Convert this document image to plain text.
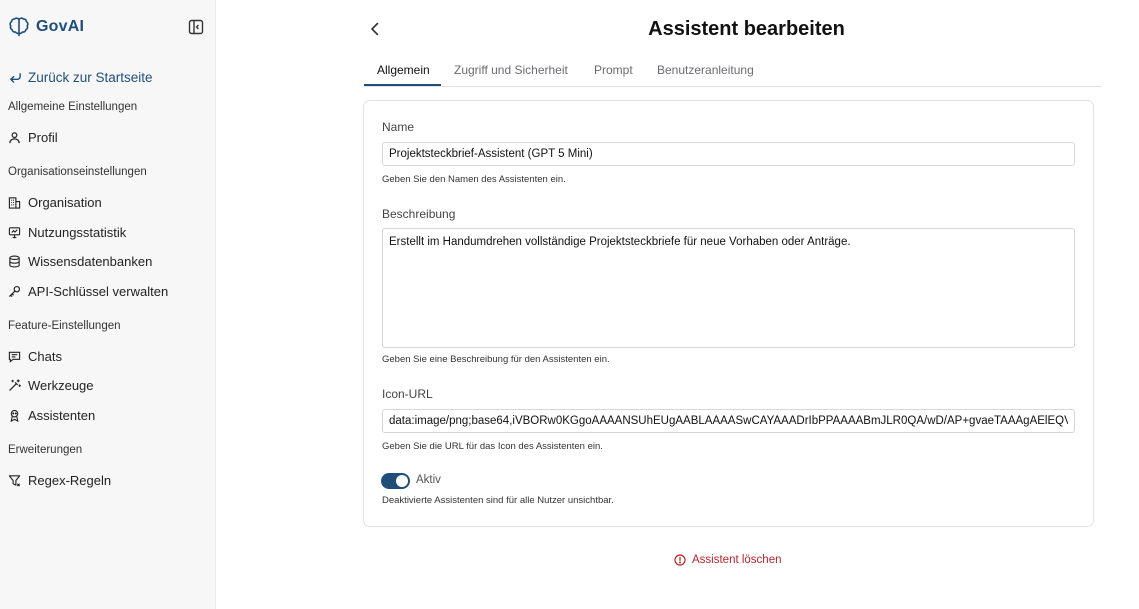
GovAI
Zurück zur Startseite
Allgemeine Einstellungen
Profil
Organisationseinstellungen
Organisation
Nutzungsstatistik
Wissensdatenbanken
API-Schlüssel verwalten
Feature-Einstellungen
Chats
Werkzeuge
Assistenten
Erweiterungen
Regex-Regeln
Assistent bearbeiten
Allgemein Zugriff und Sicherheit Prompt Benutzeranleitung
Name
Projektsteckbrief-Assistent (GPT 5 Mini)
Geben Sie den Namen des Assistenten ein.
Beschreibung
Erstellt im Handumdrehen vollständige Projektsteckbriefe für neue Vorhaben oder Anträge.
Geben Sie eine Beschreibung für den Assistenten ein.
Icon-URL
data:image/png;base64,iVBORw0KGgoAAAANSUhEUgAABLAAAASwCAYAAADrIbPPAAAABmJLR0QA/wD/AP+gvaeTAAAgAElEQV
Geben Sie die URL für das Icon des Assistenten ein.
Aktiv
Deaktivierte Assistenten sind für alle Nutzer unsichtbar.
Assistent löschen
